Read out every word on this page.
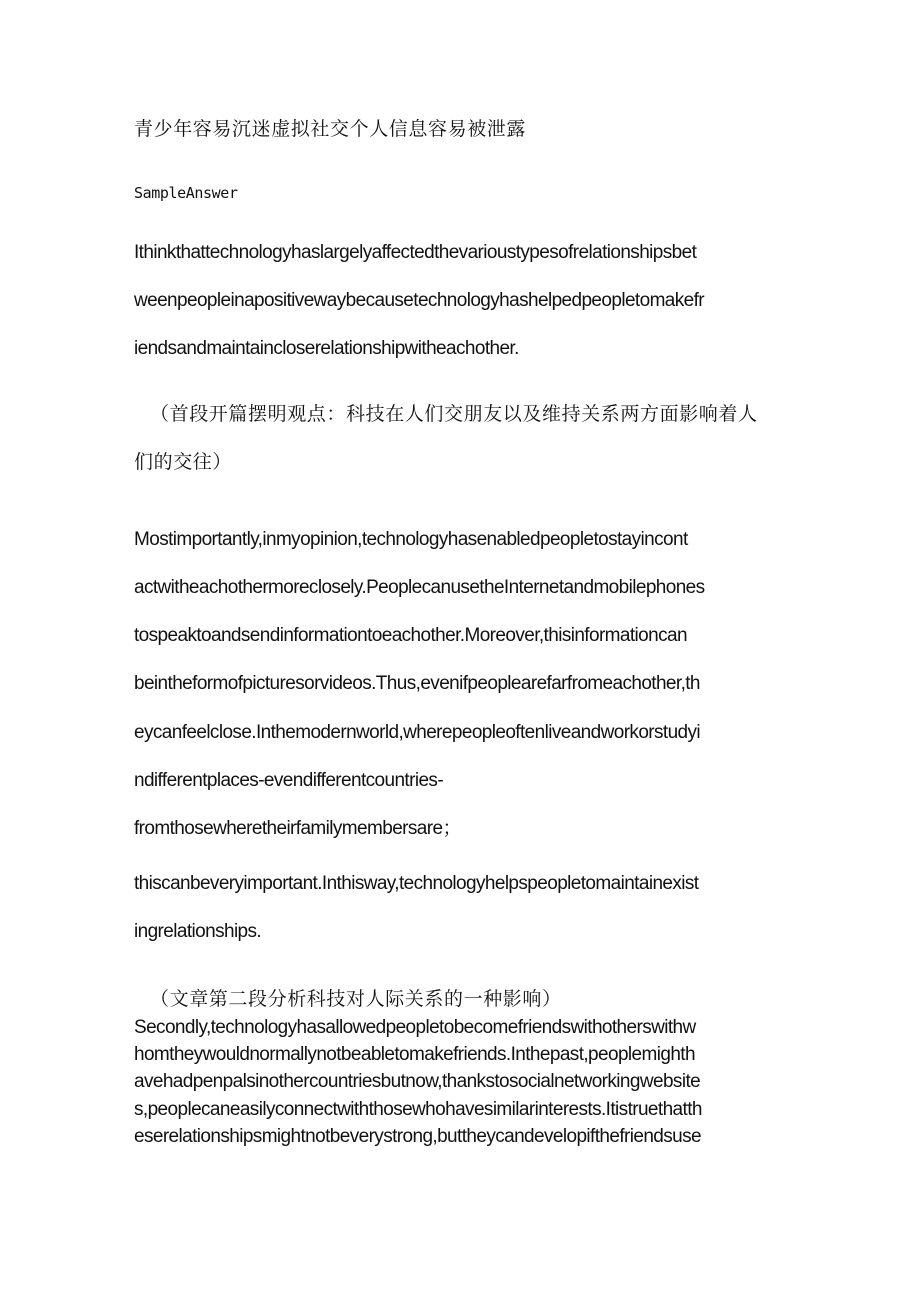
青少年容易沉迷虚拟社交个人信息容易被泄露
SampleAnswer
Ithinkthattechnologyhaslargelyaffectedthevarioustypesofrelationshipsbet
weenpeopleinapositivewaybecausetechnologyhashelpedpeopletomakefr
iendsandmaintaincloserelationshipwitheachother.
（首段开篇摆明观点：科技在人们交朋友以及维持关系两方面影响着人
们的交往）
Mostimportantly,inmyopinion,technologyhasenabledpeopletostayincont
actwitheachothermoreclosely.PeoplecanusetheInternetandmobilephones
tospeaktoandsendinformationtoeachother.Moreover,thisinformationcan
beintheformofpicturesorvideos.Thus,evenifpeoplearefarfromeachother,th
eycanfeelclose.Inthemodernworld,wherepeopleoftenliveandworkorstudyi
ndifferentplaces-evendifferentcountries-
fromthosewheretheirfamilymembersare；
thiscanbeveryimportant.Inthisway,technologyhelpspeopletomaintainexist
ingrelationships.
（文章第二段分析科技对人际关系的一种影响）
Secondly,technologyhasallowedpeopletobecomefriendswithotherswithw
homtheywouldnormallynotbeabletomakefriends.Inthepast,peoplemighth
avehadpenpalsinothercountriesbutnow,thankstosocialnetworkingwebsite
s,peoplecaneasilyconnectwiththosewhohavesimilarinterests.Itistruethatth
eserelationshipsmightnotbeverystrong,buttheycandevelopifthefriendsuse
